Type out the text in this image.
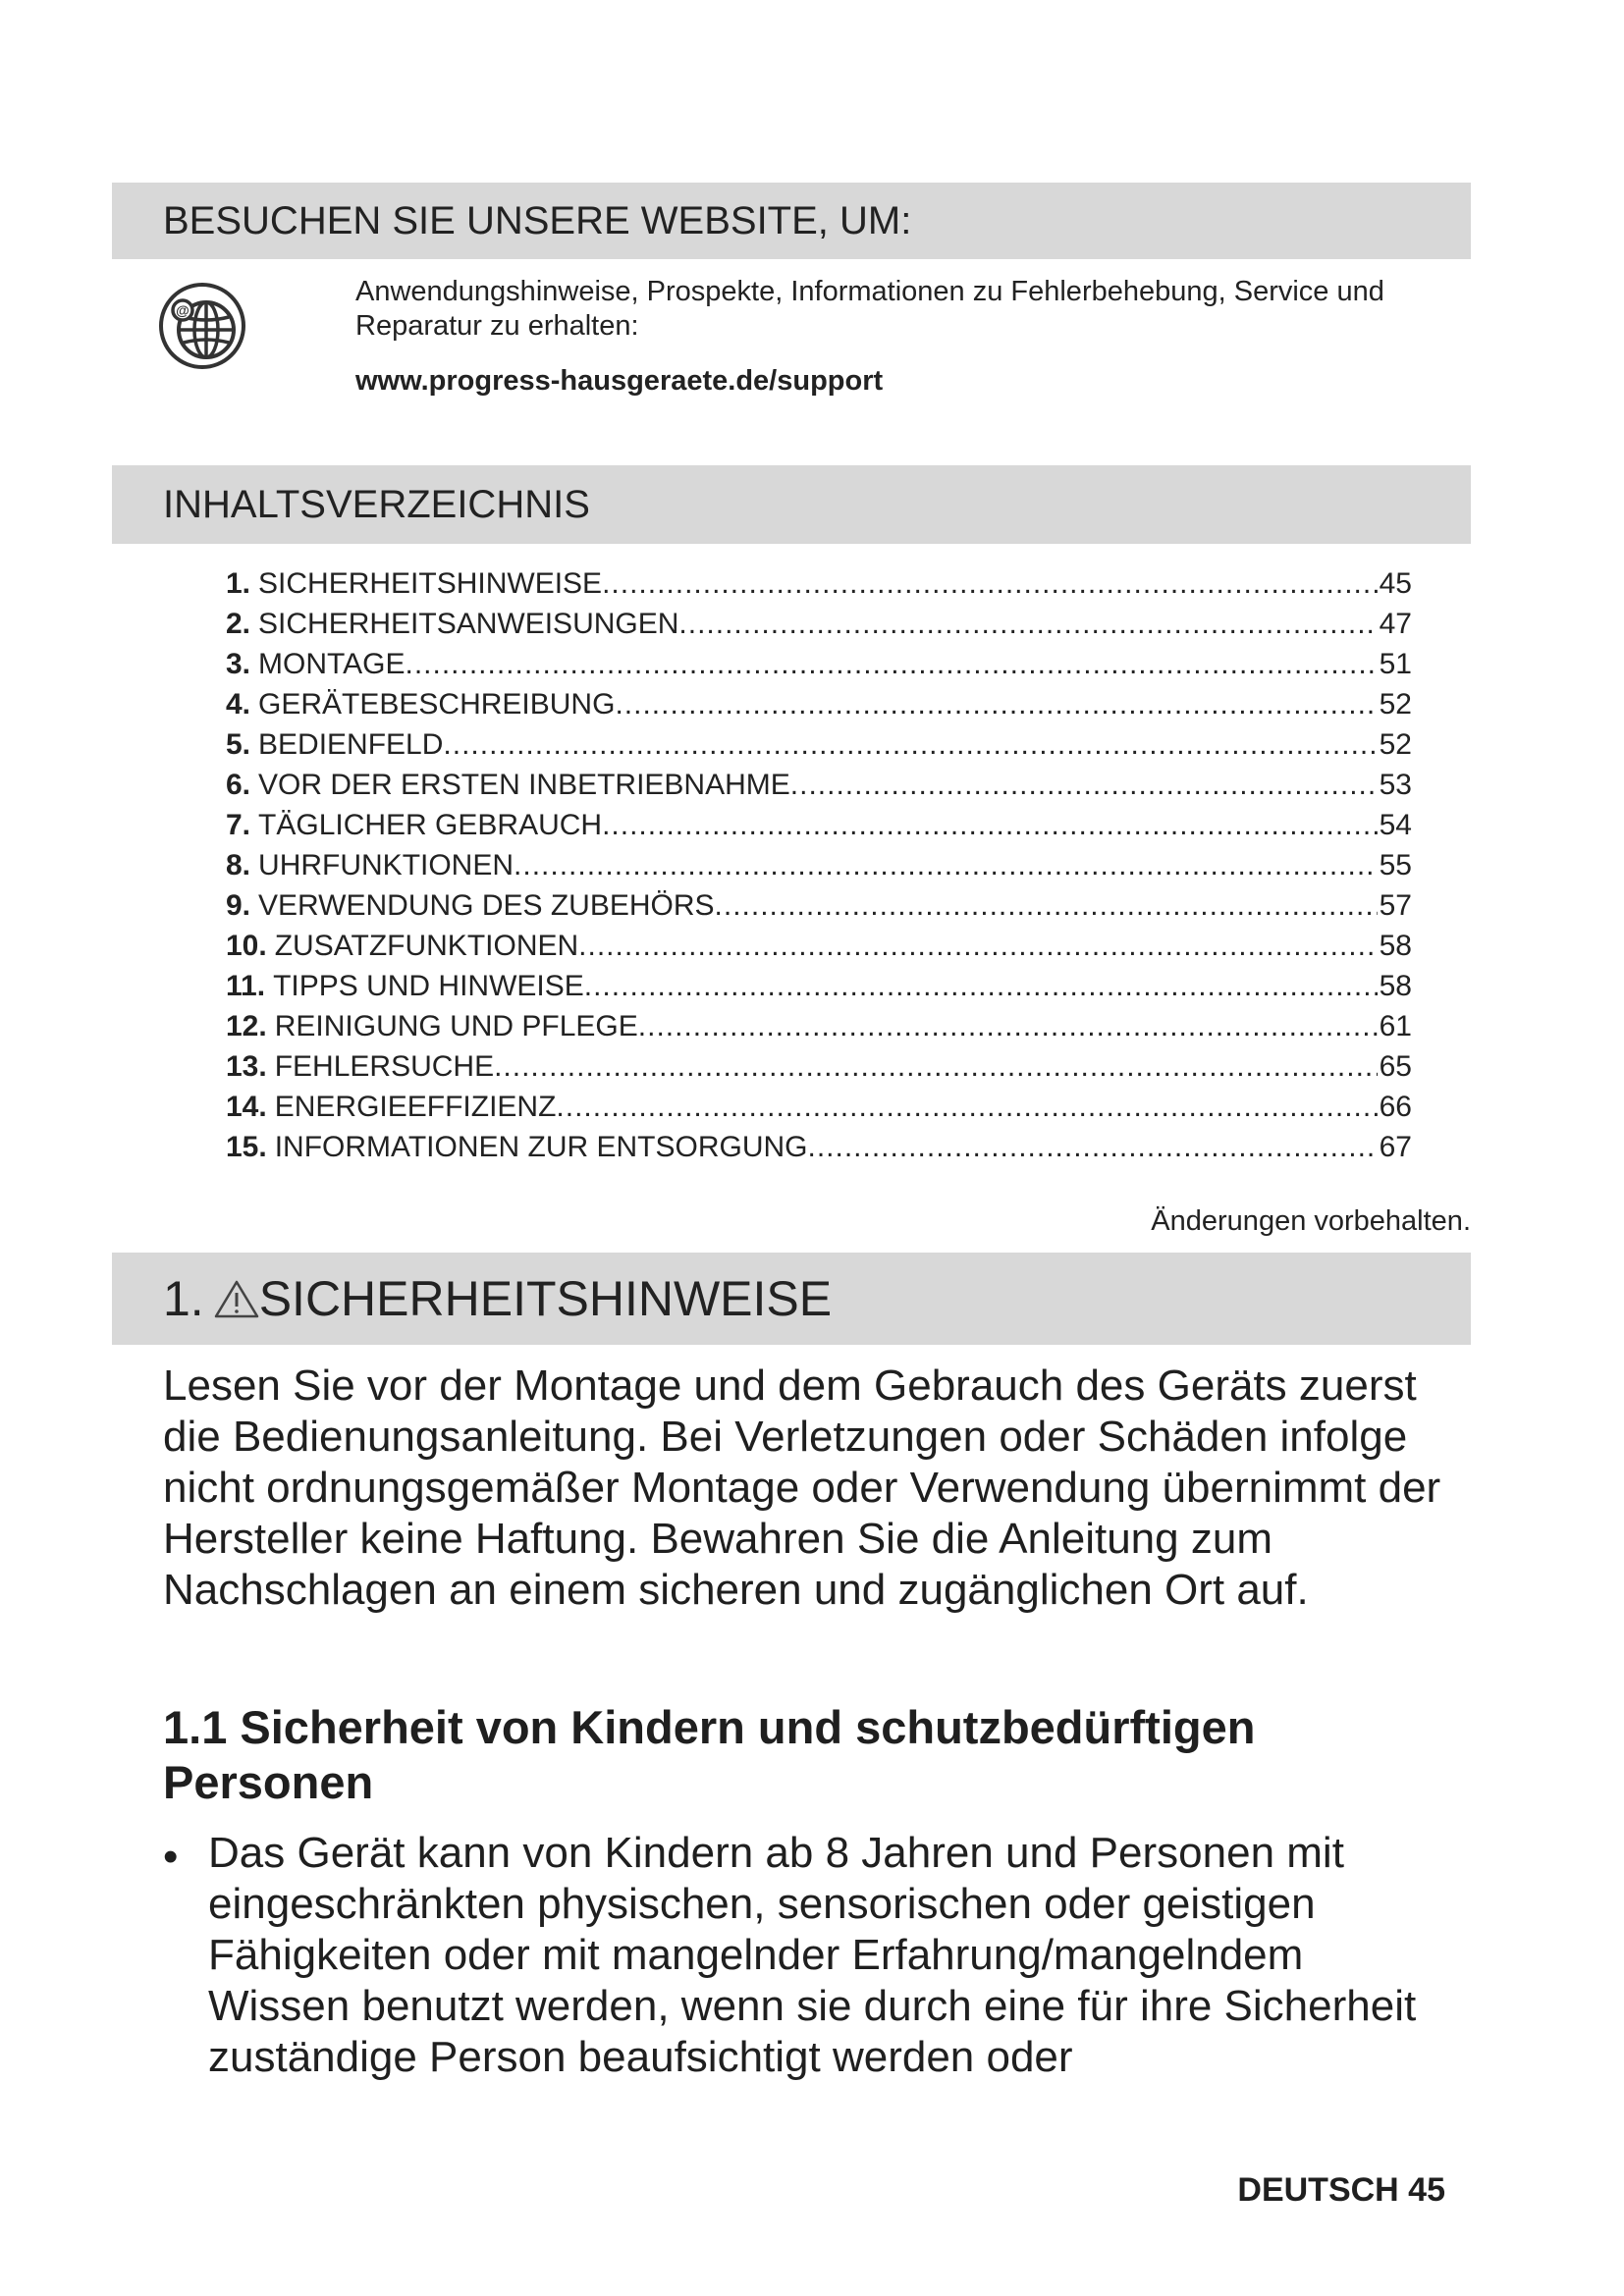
BESUCHEN SIE UNSERE WEBSITE, UM:
@
Anwendungshinweise, Prospekte, Informationen zu Fehlerbehebung, Service und Reparatur zu erhalten:
www.progress-hausgeraete.de/support
INHALTSVERZEICHNIS
1. SICHERHEITSHINWEISE .....	45
2. SICHERHEITSANWEISUNGEN .....	47
3. MONTAGE .....	51
4. GERÄTEBESCHREIBUNG .....	52
5. BEDIENFELD .....	52
6. VOR DER ERSTEN INBETRIEBNAHME .....	53
7. TÄGLICHER GEBRAUCH .....	54
8. UHRFUNKTIONEN .....	55
9. VERWENDUNG DES ZUBEHÖRS .....	57
10. ZUSATZFUNKTIONEN .....	58
11. TIPPS UND HINWEISE .....	58
12. REINIGUNG UND PFLEGE .....	61
13. FEHLERSUCHE .....	65
14. ENERGIEEFFIZIENZ .....	66
15. INFORMATIONEN ZUR ENTSORGUNG .....	67
Änderungen vorbehalten.
1. SICHERHEITSHINWEISE
Lesen Sie vor der Montage und dem Gebrauch des Geräts zuerst die Bedienungsanleitung. Bei Verletzungen oder Schäden infolge nicht ordnungsgemäßer Montage oder Verwendung übernimmt der Hersteller keine Haftung. Bewahren Sie die Anleitung zum Nachschlagen an einem sicheren und zugänglichen Ort auf.
1.1 Sicherheit von Kindern und schutzbedürftigen Personen
• Das Gerät kann von Kindern ab 8 Jahren und Personen mit eingeschränkten physischen, sensorischen oder geistigen Fähigkeiten oder mit mangelnder Erfahrung/mangelndem Wissen benutzt werden, wenn sie durch eine für ihre Sicherheit zuständige Person beaufsichtigt werden oder
DEUTSCH 45
